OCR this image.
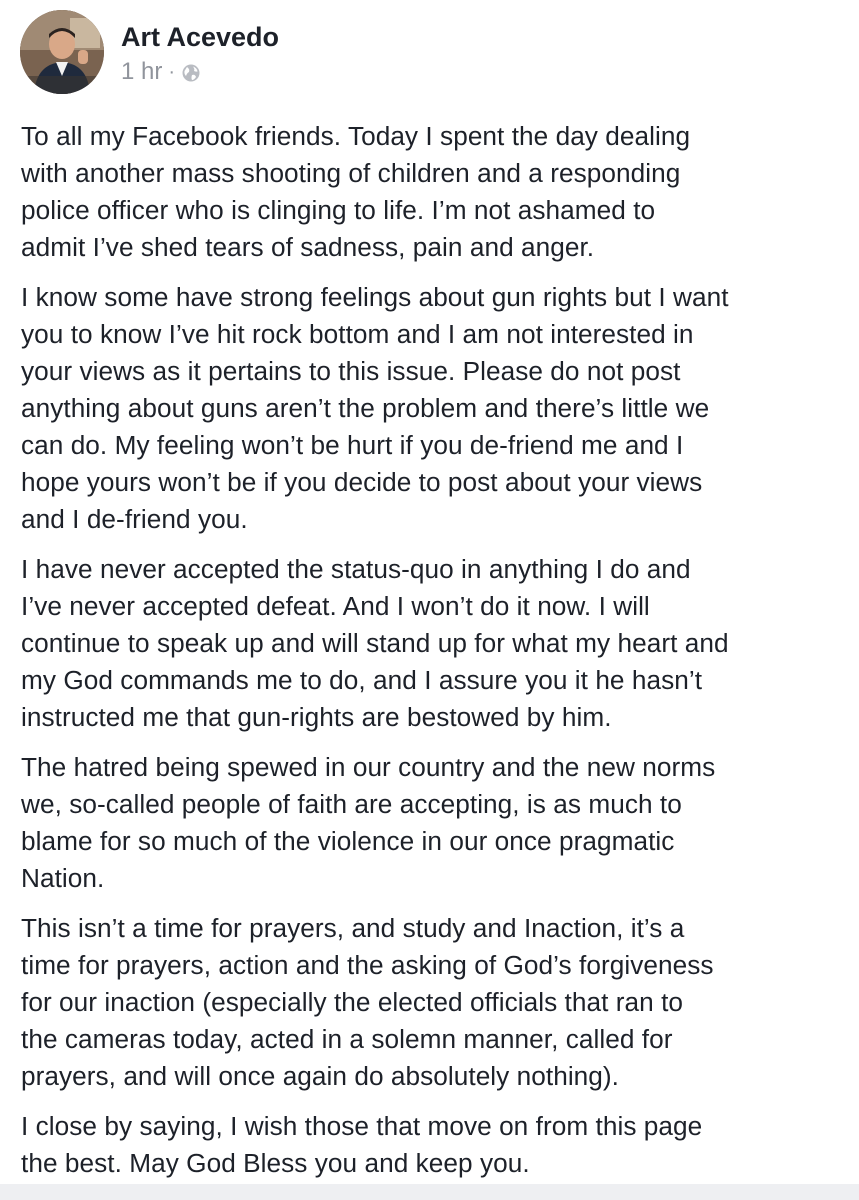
Art Acevedo
1 hr ·

To all my Facebook friends. Today I spent the day dealing
with another mass shooting of children and a responding
police officer who is clinging to life. I’m not ashamed to
admit I’ve shed tears of sadness, pain and anger.

I know some have strong feelings about gun rights but I want
you to know I’ve hit rock bottom and I am not interested in
your views as it pertains to this issue. Please do not post
anything about guns aren’t the problem and there’s little we
can do. My feeling won’t be hurt if you de-friend me and I
hope yours won’t be if you decide to post about your views
and I de-friend you.

I have never accepted the status-quo in anything I do and
I’ve never accepted defeat. And I won’t do it now. I will
continue to speak up and will stand up for what my heart and
my God commands me to do, and I assure you it he hasn’t
instructed me that gun-rights are bestowed by him.

The hatred being spewed in our country and the new norms
we, so-called people of faith are accepting, is as much to
blame for so much of the violence in our once pragmatic
Nation.

This isn’t a time for prayers, and study and Inaction, it’s a
time for prayers, action and the asking of God’s forgiveness
for our inaction (especially the elected officials that ran to
the cameras today, acted in a solemn manner, called for
prayers, and will once again do absolutely nothing).

I close by saying, I wish those that move on from this page
the best. May God Bless you and keep you.
